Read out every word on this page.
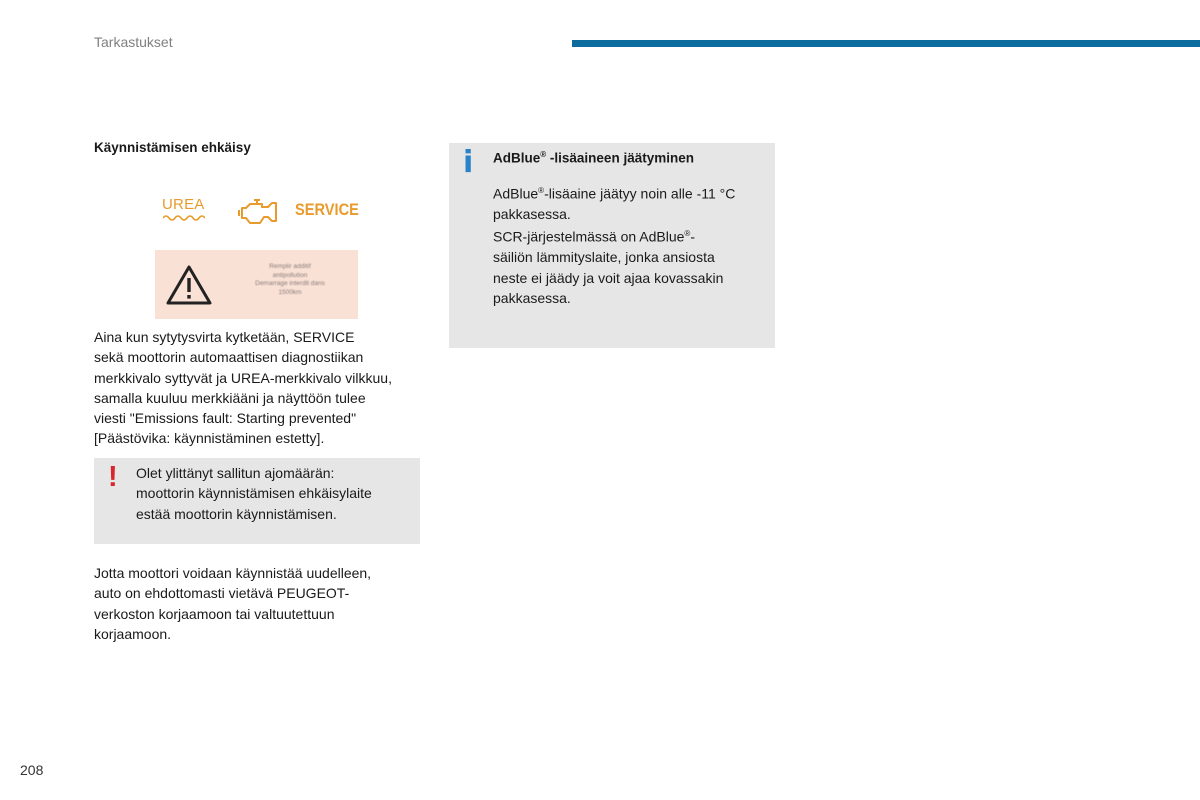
Tarkastukset
Käynnistämisen ehkäisy
UREA	SERVICE
Remplir additif
antipollution
Demarrage interdit dans
1500km
Aina kun sytytysvirta kytketään, SERVICE
sekä moottorin automaattisen diagnostiikan
merkkivalo syttyvät ja UREA-merkkivalo vilkkuu,
samalla kuuluu merkkiääni ja näyttöön tulee
viesti "Emissions fault: Starting prevented"
[Päästövika: käynnistäminen estetty].
! Olet ylittänyt sallitun ajomäärän:
moottorin käynnistämisen ehkäisylaite
estää moottorin käynnistämisen.
Jotta moottori voidaan käynnistää uudelleen,
auto on ehdottomasti vietävä PEUGEOT-
verkoston korjaamoon tai valtuutettuun
korjaamoon.
i AdBlue® -lisäaineen jäätyminen
AdBlue®-lisäaine jäätyy noin alle -11 °C
pakkasessa.
SCR-järjestelmässä on AdBlue®-
säiliön lämmityslaite, jonka ansiosta
neste ei jäädy ja voit ajaa kovassakin
pakkasessa.
208
